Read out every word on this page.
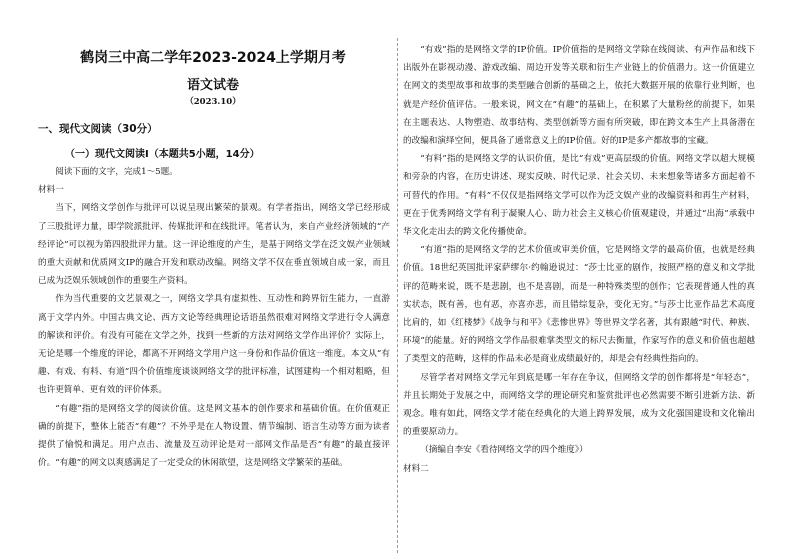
鹤岗三中高二学年2023-2024上学期月考
语文试卷

（2023.10）

一、现代文阅读（30分）
（一）现代文阅读Ⅰ（本题共5小题，14分）

阅读下面的文字，完成1～5题。

材料一

当下，网络文学创作与批评可以说呈现出繁荣的景观。有学者指出，网络文学已经形成了三股批评力量，即学院派批评、传媒批评和在线批评。笔者认为，来自产业经济领域的“产经评论”可以视为第四股批评力量。这一评论维度的产生，是基于网络文学在泛文娱产业领域的重大贡献和优质网文IP的融合开发和联动改编。网络文学不仅在垂直领域自成一家，而且已成为泛娱乐领域创作的重要生产资料。

作为当代重要的文艺景观之一，网络文学具有虚拟性、互动性和跨界衍生能力，一直游离于文学内外。中国古典文论、西方文论等经典理论话语虽然很难对网络文学进行令人满意的解读和评价。有没有可能在文学之外，找到一些新的方法对网络文学作出评价？实际上，无论是哪一个维度的评论，都离不开网络文学用户这一身份和作品价值这一维度。本文从“有趣、有戏、有料、有道”四个价值维度谈谈网络文学的批评标准，试图建构一个相对粗略，但也许更简单、更有效的评价体系。

“有趣”指的是网络文学的阅读价值。这是网文基本的创作要求和基础价值。在价值观正确的前提下，整体上能否“有趣”？不外乎是在人物设置、情节编制、语言生动等方面为读者提供了愉悦和满足。用户点击、流量及互动评论是对一部网文作品是否“有趣”的最直接评价。“有趣”的网文以爽感满足了一定受众的休闲欲望，这是网络文学繁荣的基础。

“有戏”指的是网络文学的IP价值。IP价值指的是网络文学除在线阅读、有声作品和线下出版外在影视动漫、游戏改编、周边开发等关联和衍生产业链上的价值潜力。这一价值建立在网文的类型故事和故事的类型融合创新的基础之上，依托大数据开展的依靠行业判断，也就是产经价值评估。一般来说，网文在“有趣”的基础上，在积累了大量粉丝的前提下，如果在主题表达、人物塑造、故事结构、类型创新等方面有所突破，即在跨文本生产上具备潜在的改编和演绎空间，便具备了通常意义上的IP价值。好的IP是多产都故事的宝藏。

“有料”指的是网络文学的认识价值，是比“有戏”更高层级的价值。网络文学以超大规模和旁杂的内容，在历史讲述、现实反映、时代记录、社会关切、未来想象等诸多方面起着不可替代的作用。“有料”不仅仅是指网络文学可以作为泛文娱产业的改编资料和再生产材料，更在于优秀网络文学有利于凝聚人心、助力社会主义核心价值观建设，并通过“出海”承载中华文化走出去的跨文化传播使命。

“有道”指的是网络文学的艺术价值或审美价值，它是网络文学的最高价值，也就是经典价值。18世纪英国批评家萨缪尔·约翰逊说过：“莎士比亚的剧作，按照严格的意义和文学批评的范畴来说，既不是悲剧，也不是喜剧，而是一种特殊类型的创作；它表现普通人性的真实状态，既有善，也有恶，亦喜亦悲，而且错综复杂，变化无穷。”与莎士比亚作品艺术高度比肩的，如《红楼梦》《战争与和平》《悲惨世界》等世界文学名著，其有跟越“时代、种族、环境”的能量。好的网络文学作品很难掌类型文的标尺去衡量，作家写作的意义和价值也超越了类型文的范畴，这样的作品未必是商业成绩最好的，却是会有经典性指向的。

尽管学者对网络文学元年到底是哪一年存在争议，但网络文学的创作都将是“年轻态”，并且长期处于发展之中，而网络文学的理论研究和鉴赏批评也必然需要不断引进新方法、新观念。唯有如此，网络文学才能在经典化的大道上跨界发展，成为文化强国建设和文化输出的重要原动力。

（摘编自李安《看待网络文学的四个维度》）

材料二
